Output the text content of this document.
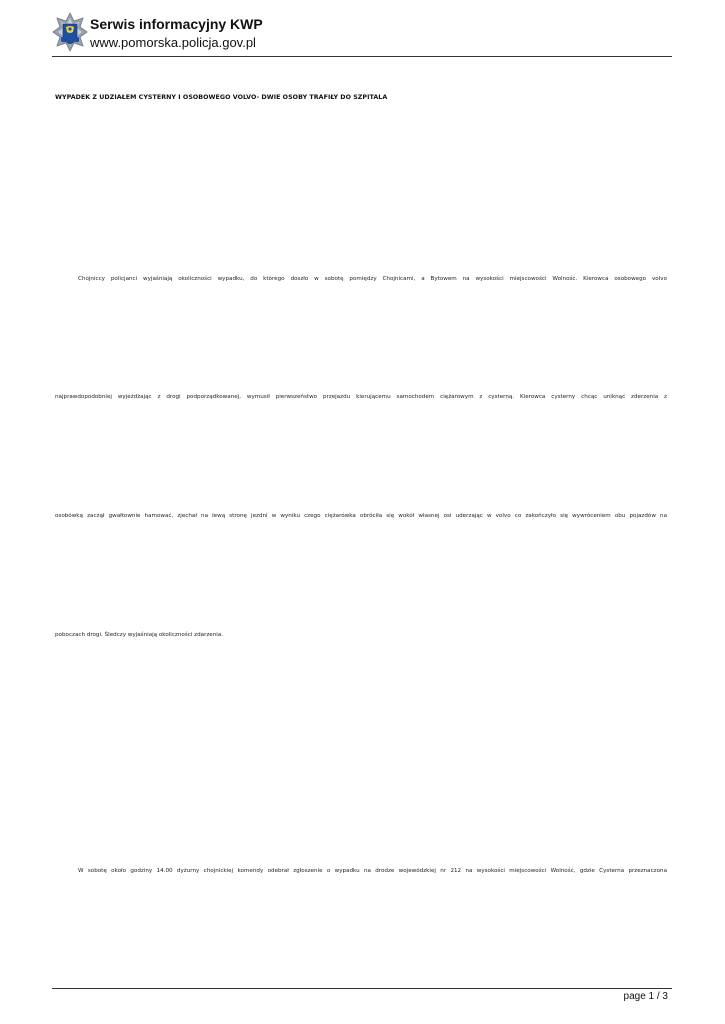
Serwis informacyjny KWP
www.pomorska.policja.gov.pl
WYPADEK Z UDZIAŁEM CYSTERNY I OSOBOWEGO VOLVO- DWIE OSOBY TRAFIŁY DO SZPITALA
Chojniccy policjanci wyjaśniają okoliczności wypadku, do którego doszło w sobotę pomiędzy Chojnicami, a Bytowem na wysokości miejscowości Wolność. Kierowca osobowego volvo
najprawdopodobniej wyjeżdżając z drogi podporządkowanej, wymusił pierwszeństwo przejazdu kierującemu samochodem ciężarowym z cysterną. Kierowca cysterny chcąc uniknąć zderzenia z
osobówką zaczął gwałtownie hamować, zjechał na lewą stronę jezdni w wyniku czego ciężarówka obróciła się wokół własnej osi uderzając w volvo co zakończyło się wywróceniem obu pojazdów na
poboczach drogi. Śledczy wyjaśniają okoliczności zdarzenia.
W sobotę około godziny 14.00 dyżurny chojnickiej komendy odebrał zgłoszenie o wypadku na drodze wojewódzkiej nr 212 na wysokości miejscowości Wolność, gdzie Cysterna przeznaczona
page 1 / 3
